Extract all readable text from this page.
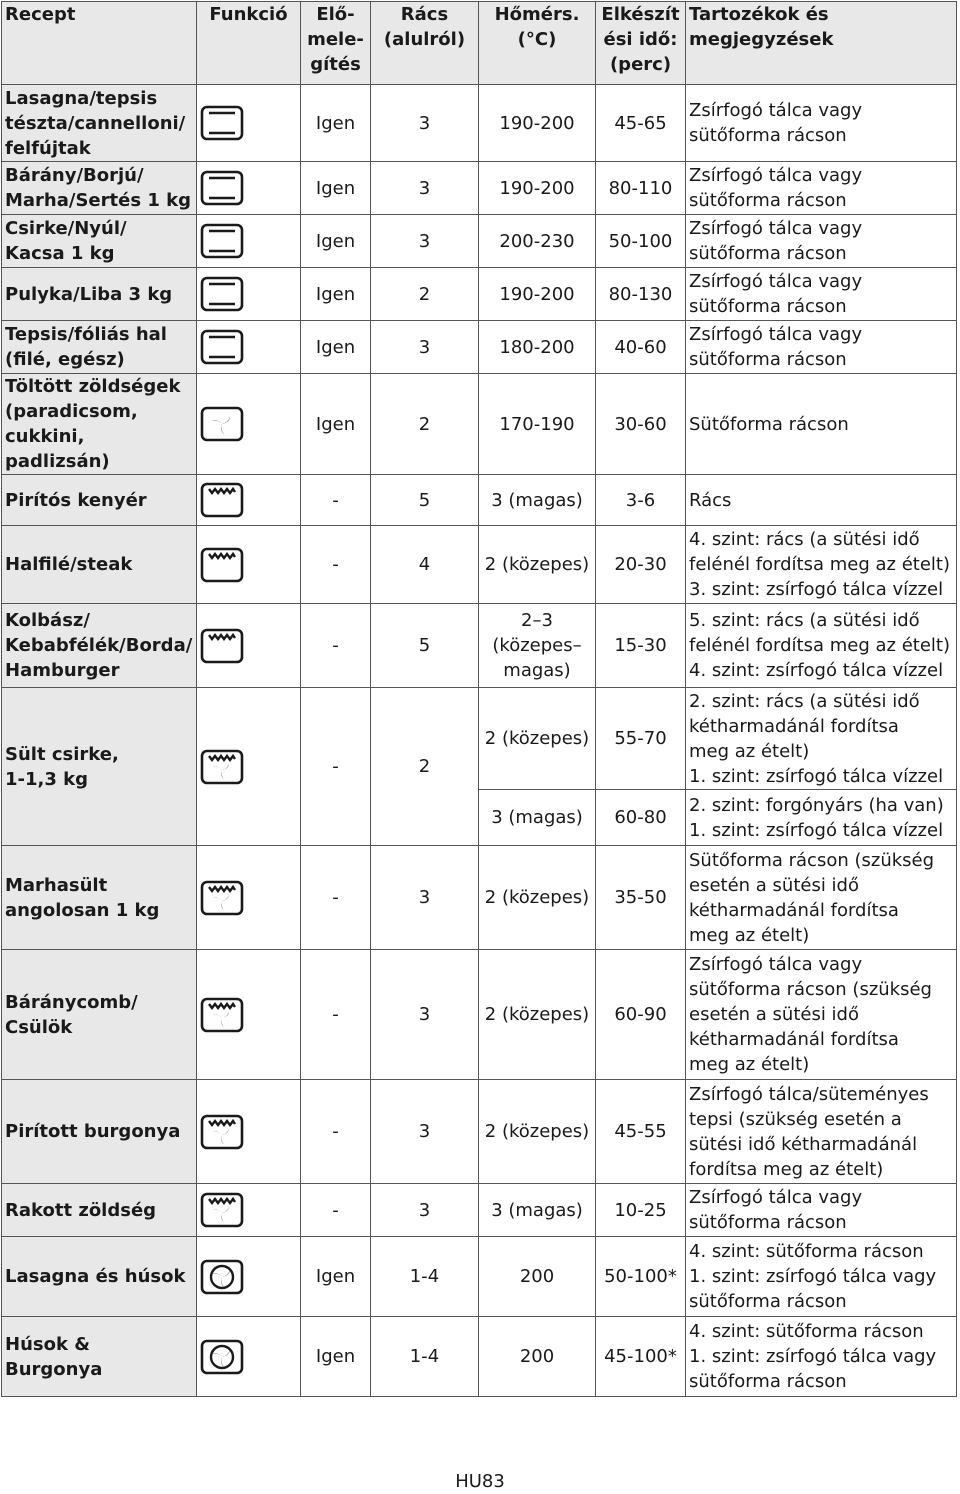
Recept	Funkció	Elő-
mele-
gítés	Rács
(alulról)	Hőmérs.
(°C)	Elkészít
ési idő:
(perc)	Tartozékok és
megjegyzések
Lasagna/tepsis
tészta/cannelloni/
felfújtak		Igen	3	190-200	45-65	Zsírfogó tálca vagy
sütőforma rácson
Bárány/Borjú/
Marha/Sertés 1 kg		Igen	3	190-200	80-110	Zsírfogó tálca vagy
sütőforma rácson
Csirke/Nyúl/
Kacsa 1 kg		Igen	3	200-230	50-100	Zsírfogó tálca vagy
sütőforma rácson
Pulyka/Liba 3 kg		Igen	2	190-200	80-130	Zsírfogó tálca vagy
sütőforma rácson
Tepsis/fóliás hal
(filé, egész)		Igen	3	180-200	40-60	Zsírfogó tálca vagy
sütőforma rácson
Töltött zöldségek
(paradicsom,
cukkini, padlizsán)		Igen	2	170-190	30-60	Sütőforma rácson
Pirítós kenyér		-	5	3 (magas)	3-6	Rács
Halfilé/steak		-	4	2 (közepes)	20-30	4. szint: rács (a sütési idő
felénél fordítsa meg az ételt)
3. szint: zsírfogó tálca vízzel
Kolbász/
Kebabfélék/Borda/
Hamburger		-	5	2–3
(közepes–
magas)	15-30	5. szint: rács (a sütési idő
felénél fordítsa meg az ételt)
4. szint: zsírfogó tálca vízzel
Sült csirke,
1-1,3 kg		-	2	2 (közepes)	55-70	2. szint: rács (a sütési idő
kétharmadánál fordítsa
meg az ételt)
1. szint: zsírfogó tálca vízzel
				3 (magas)	60-80	2. szint: forgónyárs (ha van)
1. szint: zsírfogó tálca vízzel
Marhasült
angolosan 1 kg		-	3	2 (közepes)	35-50	Sütőforma rácson (szükség
esetén a sütési idő
kétharmadánál fordítsa
meg az ételt)
Báránycomb/
Csülök		-	3	2 (közepes)	60-90	Zsírfogó tálca vagy
sütőforma rácson (szükség
esetén a sütési idő
kétharmadánál fordítsa
meg az ételt)
Pirított burgonya		-	3	2 (közepes)	45-55	Zsírfogó tálca/süteményes
tepsi (szükség esetén a
sütési idő kétharmadánál
fordítsa meg az ételt)
Rakott zöldség		-	3	3 (magas)	10-25	Zsírfogó tálca vagy
sütőforma rácson
Lasagna és húsok		Igen	1-4	200	50-100*	4. szint: sütőforma rácson
1. szint: zsírfogó tálca vagy
sütőforma rácson
Húsok & Burgonya		Igen	1-4	200	45-100*	4. szint: sütőforma rácson
1. szint: zsírfogó tálca vagy
sütőforma rácson
HU83
